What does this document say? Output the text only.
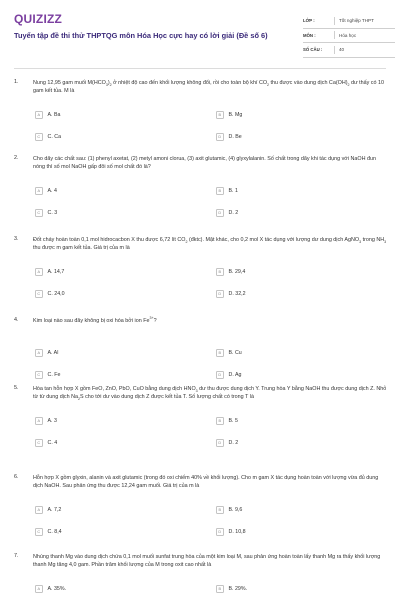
QUIZIZZ
Tuyển tập đề thi thử THPTQG môn Hóa Học cực hay có lời giải (Đề số 6)
LỚP :	Tốt nghiệp THPT
MÔN :	Hóa học
SỐ CÂU :	40
1.	Nung 12,95 gam muối $M(HCO_3)_2$ ở nhiệt độ cao đến khối lượng không đổi, rồi cho toàn bộ khí $CO_2$ thu được vào dung dịch $Ca(OH)_2$ dư thấy có 10 gam kết tủa. M là
A	A. Ba	B	B. Mg
C	C. Ca	D	D. Be
2.	Cho dãy các chất sau: (1) phenyl axetat, (2) metyl amoni clorua, (3) axit glutamic, (4) glyxylalanin. Số chất trong dãy khi tác dụng với NaOH đun nóng thì số mol NaOH gấp đôi số mol chất đó là?
A	A. 4	B	B. 1
C	C. 3	D	D. 2
3.	Đốt cháy hoàn toàn 0,1 mol hidrocacbon X thu được 6,72 lít $CO_2$ (đktc). Mặt khác, cho 0,2 mol X tác dụng với lượng dư dung dịch AgNO$_3$ trong $NH_3$ thu được m gam kết tủa. Giá trị của m là
A	A. 14,7	B	B. 29,4
C	C. 24,0	D	D. 32,2
4.	Kim loại nào sau đây không bị oxi hóa bởi ion $Fe^{3+}$?
A	A. Al	B	B. Cu
C	C. Fe	D	D. Ag
5.	Hòa tan hỗn hợp X gồm FeO, ZnO, PbO, CuO bằng dung dịch $HNO_3$ dư thu được dung dịch Y. Trung hòa Y bằng NaOH thu được dung dịch Z. Nhỏ từ từ dung dịch $Na_2S$ cho tới dư vào dung dịch Z được kết tủa T. Số lượng chất có trong T là
A	A. 3	B	B. 5
C	C. 4	D	D. 2
6.	Hỗn hợp X gồm glyxin, alanin và axit glutamic (trong đó oxi chiếm 40% về khối lượng). Cho m gam X tác dụng hoàn toàn với lượng vừa đủ dung dịch NaOH. Sau phản ứng thu được 12,24 gam muối. Giá trị của m là
A	A. 7,2	B	B. 9,6
C	C. 8,4	D	D. 10,8
7.	Nhúng thanh Mg vào dung dịch chứa 0,1 mol muối sunfat trung hòa của một kim loại M, sau phản ứng hoàn toàn lấy thanh Mg ra thấy khối lượng thanh Mg tăng 4,0 gam. Phần trăm khối lượng của M trong oxit cao nhất là
A	A. 35%.	B	B. 29%.
